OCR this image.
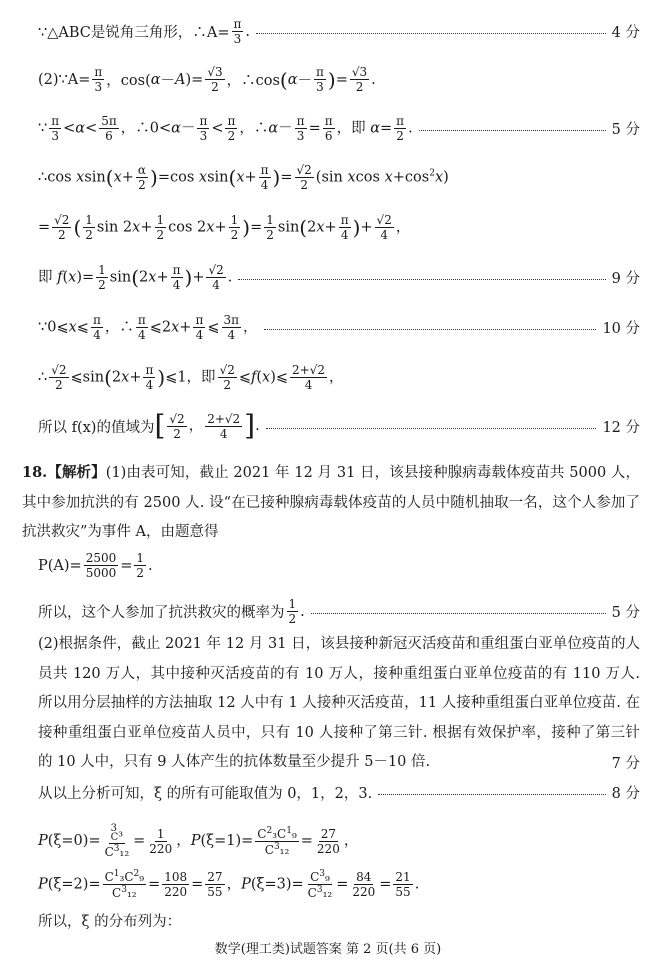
∵△ABC是锐角三角形，∴A= $\frac{\pi}{3}$ .	4 分
(2)∵A= $\frac{\pi}{3}$ ，cos( α － A )= $\frac{√3}{2}$ ，∴cos ( $\alpha - \frac{\pi}{3}$ ) = $\frac{√3}{2}$ .
∵ $\frac{\pi}{3} <\alpha< \frac{5\pi}{6}$ ，∴0<α－ $\frac{\pi}{3} < \frac{\pi}{2}$ ，∴α－ $\frac{\pi}{3} = \frac{\pi}{6}$ ，即 $\alpha= \frac{\pi}{2}$ .	5 分
∴cos $xsin(x+ \frac{\alpha}{2} )=\cos$ $xsin(x+ \frac{\pi}{4}$ )= $\frac{√2}{2} (\sin$ xcos $x+\cos^2x$)
= $\frac{√2}{2}$ ( $\frac{1}{2}$ $\sin 2x+ \frac{1}{2}$ $\cos 2x+ \frac{1}{2}$ )= $\frac{1}{2} \sin(2x+ \frac{\pi}{4}$ )+ $\frac{√2}{4}$ ，
即 $f(x)= \frac{1}{2} \sin(2x+ \frac{\pi}{4}$ )+ $\frac{√2}{4}$ .	9 分
∵0⩽x⩽ $\frac{\pi}{4}$ ，∴ $\frac{\pi}{4}$ ⩽2x+ $\frac{\pi}{4}$ ⩽ $\frac{3\pi}{4}$ ，	10 分
∴ $\frac{√2}{2}$ ⩽sin(2x+ $\frac{\pi}{4}$ )⩽1，即 $\frac{√2}{2}$ ⩽f(x)⩽ $\frac{2+√2}{4}$ ，
所以 f(x)的值域为 [ $\frac{√2}{2}$ ， $\frac{2+√2}{4}$ ].	12 分
18.【解析】(1)由表可知，截止 2021 年 12 月 31 日，该县接种腺病毒载体疫苗共 5000 人，其中参加抗洪的有 2500 人. 设“在已接种腺病毒载体疫苗的人员中随机抽取一名，这个人参加了抗洪救灾”为事件 A，由题意得
$P(A)= \frac{2500}{5000} = \frac{1}{2}$ .
所以，这个人参加了抗洪救灾的概率为 $\frac{1}{2}$ .	5 分
(2)根据条件，截止 2021 年 12 月 31 日，该县接种新冠灭活疫苗和重组蛋白亚单位疫苗的人员共 120 万人，其中接种灭活疫苗的有 10 万人，接种重组蛋白亚单位疫苗的有 110 万人. 所以用分层抽样的方法抽取 12 人中有 1 人接种灭活疫苗，11 人接种重组蛋白亚单位疫苗. 在接种重组蛋白亚单位疫苗人员中，只有 10 人接种了第三针. 根据有效保护率，接种了第三针的 10 人中，只有 9 人体产生的抗体数量至少提升 5－10 倍.	7 分
从以上分析可知，ξ 的所有可能取值为 0，1，2，3.	8 分
P(ξ=0)= 3
C ₃
$C^3_{12} = \frac{1}{220}$ ，$P(\xi=1)= \frac{C^2_3C^1_9}{C^3_{12}} = \frac{27}{220}$ ，
$P(\xi=2)= \frac{C^1_3C^2_9}{C^3_{12}} = \frac{108}{220} = \frac{27}{55}$ ，$P(\xi=3)= \frac{C^3_9}{C^3_{12}} = \frac{84}{220} = \frac{21}{55}$ .
所以，ξ 的分布列为：
数学(理工类)试题答案 第 2 页(共 6 页)
